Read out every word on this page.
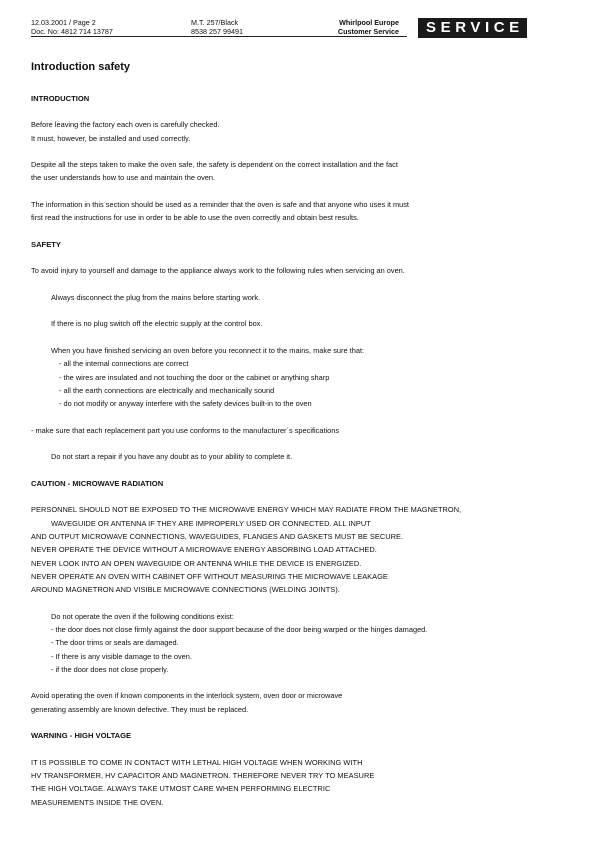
12.03.2001 / Page 2
Doc. No: 4812 714 13787
M.T. 257/Black
8538 257 99491
Whirlpool Europe
Customer Service	SERVICE
Introduction safety
INTRODUCTION
Before leaving the factory each oven is carefully checked.
It must, however, be installed and used correctly.
Despite all the steps taken to make the oven safe, the safety is dependent on the correct installation and the fact
the user understands how to use and maintain the oven.
The information in this section should be used as a reminder that the oven is safe and that anyone who uses it must
first read the instructions for use in order to be able to use the oven correctly and obtain best results.
SAFETY
To avoid injury to yourself and damage to the appliance always work to the following rules when servicing an oven.
Always disconnect the plug from the mains before starting work.
If there is no plug switch off the electric supply at the control box.
When you have finished servicing an oven before you reconnect it to the mains, make sure that:
- all the internal connections are correct
- the wires are insulated and not touching the door or the cabinet or anything sharp
- all the earth connections are electrically and mechanically sound
- do not modify or anyway interfere with the safety devices built-in to the oven
- make sure that each replacement part you use conforms to the manufacturer´s specifications
Do not start a repair if you have any doubt as to your ability to complete it.
CAUTION - MICROWAVE RADIATION
PERSONNEL SHOULD NOT BE EXPOSED TO THE MICROWAVE ENERGY WHICH MAY RADIATE FROM THE MAGNETRON,
WAVEGUIDE OR ANTENNA IF THEY ARE IMPROPERLY USED OR CONNECTED. ALL INPUT
AND OUTPUT MICROWAVE CONNECTIONS, WAVEGUIDES, FLANGES AND GASKETS MUST BE SECURE.
NEVER OPERATE THE DEVICE WITHOUT A MICROWAVE ENERGY ABSORBING LOAD ATTACHED.
NEVER LOOK INTO AN OPEN WAVEGUIDE OR ANTENNA WHILE THE DEVICE IS ENERGIZED.
NEVER OPERATE AN OVEN WITH CABINET OFF WITHOUT MEASURING THE MICROWAVE LEAKAGE
AROUND MAGNETRON AND VISIBLE MICROWAVE CONNECTIONS (WELDING JOINTS).
Do not operate the oven if the following conditions exist:
- the door does not close firmly against the door support because of the door being warped or the hinges damaged.
- The door trims or seals are damaged.
- If there is any visible damage to the oven.
- if the door does not close properly.
Avoid operating the oven if known components in the interlock system, oven door or microwave
generating assembly are known defective. They must be replaced.
WARNING - HIGH VOLTAGE
IT IS POSSIBLE TO COME IN CONTACT WITH LETHAL HIGH VOLTAGE WHEN WORKING WITH
HV TRANSFORMER, HV CAPACITOR AND MAGNETRON. THEREFORE NEVER TRY TO MEASURE
THE HIGH VOLTAGE. ALWAYS TAKE UTMOST CARE WHEN PERFORMING ELECTRIC
MEASUREMENTS INSIDE THE OVEN.
